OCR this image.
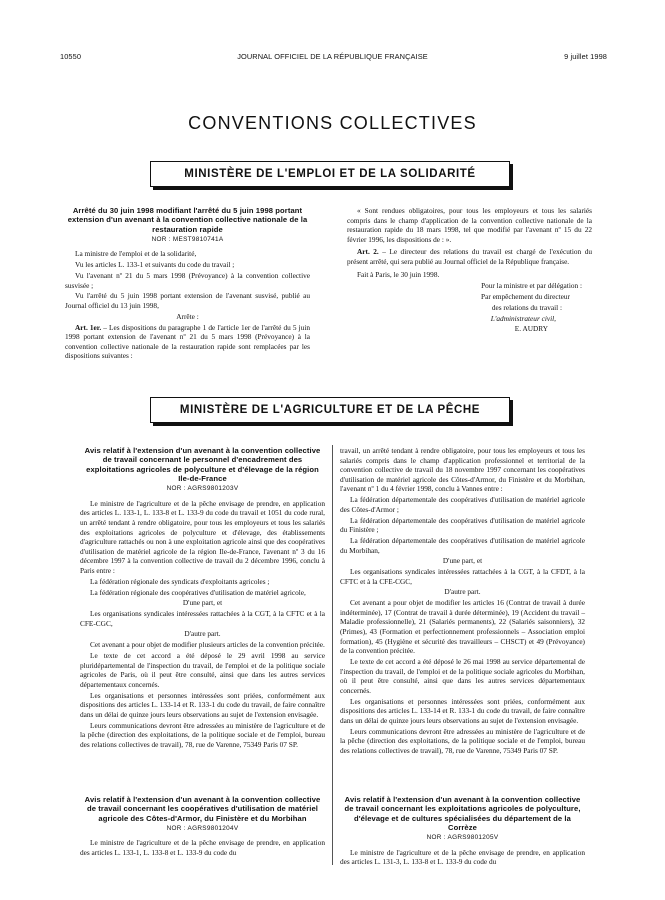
10550	JOURNAL OFFICIEL DE LA RÉPUBLIQUE FRANÇAISE	9 juillet 1998
CONVENTIONS COLLECTIVES
MINISTÈRE DE L'EMPLOI ET DE LA SOLIDARITÉ
Arrêté du 30 juin 1998 modifiant l'arrêté du 5 juin 1998 portant extension d'un avenant à la convention collective nationale de la restauration rapide
NOR : MEST9810741A

La ministre de l'emploi et de la solidarité,

Vu les articles L. 133-1 et suivants du code du travail ;

Vu l'avenant nº 21 du 5 mars 1998 (Prévoyance) à la convention collective susvisée ;

Vu l'arrêté du 5 juin 1998 portant extension de l'avenant susvisé, publié au Journal officiel du 13 juin 1998,

Arrête :

Art. 1er. – Les dispositions du paragraphe 1 de l'article 1er de l'arrêté du 5 juin 1998 portant extension de l'avenant nº 21 du 5 mars 1998 (Prévoyance) à la convention collective nationale de la restauration rapide sont remplacées par les dispositions suivantes :

« Sont rendues obligatoires, pour tous les employeurs et tous les salariés compris dans le champ d'application de la convention collective nationale de la restauration rapide du 18 mars 1998, tel que modifié par l'avenant nº 15 du 22 février 1996, les dispositions de : ».

Art. 2. – Le directeur des relations du travail est chargé de l'exécution du présent arrêté, qui sera publié au Journal officiel de la République française.

Fait à Paris, le 30 juin 1998.

Pour la ministre et par délégation :

Par empêchement du directeur

des relations du travail :

L'administrateur civil,

E. AUDRY

MINISTÈRE DE L'AGRICULTURE ET DE LA PÊCHE
Avis relatif à l'extension d'un avenant à la convention collective de travail concernant le personnel d'encadrement des exploitations agricoles de polyculture et d'élevage de la région Ile-de-France
NOR : AGRS9801203V

Le ministre de l'agriculture et de la pêche envisage de prendre, en application des articles L. 133-1, L. 133-8 et L. 133-9 du code du travail et 1051 du code rural, un arrêté tendant à rendre obligatoire, pour tous les employeurs et tous les salariés des exploitations agricoles de polyculture et d'élevage, des établissements d'agriculture rattachés ou non à une exploitation agricole ainsi que des coopératives d'utilisation de matériel agricole de la région Ile-de-France, l'avenant nº 3 du 16 décembre 1997 à la convention collective de travail du 2 décembre 1996, conclu à Paris entre :

La fédération régionale des syndicats d'exploitants agricoles ;

La fédération régionale des coopératives d'utilisation de matériel agricole,

D'une part, et

Les organisations syndicales intéressées rattachées à la CGT, à la CFTC et à la CFE-CGC,

D'autre part.

Cet avenant a pour objet de modifier plusieurs articles de la convention précitée.

Le texte de cet accord a été déposé le 29 avril 1998 au service pluridépartemental de l'inspection du travail, de l'emploi et de la politique sociale agricoles de Paris, où il peut être consulté, ainsi que dans les autres services départementaux concernés.

Les organisations et personnes intéressées sont priées, conformément aux dispositions des articles L. 133-14 et R. 133-1 du code du travail, de faire connaître dans un délai de quinze jours leurs observations au sujet de l'extension envisagée.

Leurs communications devront être adressées au ministère de l'agriculture et de la pêche (direction des exploitations, de la politique sociale et de l'emploi, bureau des relations collectives de travail), 78, rue de Varenne, 75349 Paris 07 SP.

Avis relatif à l'extension d'un avenant à la convention collective de travail concernant les coopératives d'utilisation de matériel agricole des Côtes-d'Armor, du Finistère et du Morbihan
NOR : AGRS9801204V

Le ministre de l'agriculture et de la pêche envisage de prendre, en application des articles L. 133-1, L. 133-8 et L. 133-9 du code du

travail, un arrêté tendant à rendre obligatoire, pour tous les employeurs et tous les salariés compris dans le champ d'application professionnel et territorial de la convention collective de travail du 18 novembre 1997 concernant les coopératives d'utilisation de matériel agricole des Côtes-d'Armor, du Finistère et du Morbihan, l'avenant nº 1 du 4 février 1998, conclu à Vannes entre :

La fédération départementale des coopératives d'utilisation de matériel agricole des Côtes-d'Armor ;

La fédération départementale des coopératives d'utilisation de matériel agricole du Finistère ;

La fédération départementale des coopératives d'utilisation de matériel agricole du Morbihan,

D'une part, et

Les organisations syndicales intéressées rattachées à la CGT, à la CFDT, à la CFTC et à la CFE-CGC,

D'autre part.

Cet avenant a pour objet de modifier les articles 16 (Contrat de travail à durée indéterminée), 17 (Contrat de travail à durée déterminée), 19 (Accident du travail – Maladie professionnelle), 21 (Salariés permanents), 22 (Salariés saisonniers), 32 (Primes), 43 (Formation et perfectionnement professionnels – Association emploi formation), 45 (Hygiène et sécurité des travailleurs – CHSCT) et 49 (Prévoyance) de la convention précitée.

Le texte de cet accord a été déposé le 26 mai 1998 au service départemental de l'inspection du travail, de l'emploi et de la politique sociale agricoles du Morbihan, où il peut être consulté, ainsi que dans les autres services départementaux concernés.

Les organisations et personnes intéressées sont priées, conformément aux dispositions des articles L. 133-14 et R. 133-1 du code du travail, de faire connaître dans un délai de quinze jours leurs observations au sujet de l'extension envisagée.

Leurs communications devront être adressées au ministère de l'agriculture et de la pêche (direction des exploitations, de la politique sociale et de l'emploi, bureau des relations collectives de travail), 78, rue de Varenne, 75349 Paris 07 SP.

Avis relatif à l'extension d'un avenant à la convention collective de travail concernant les exploitations agricoles de polyculture, d'élevage et de cultures spécialisées du département de la Corrèze
NOR : AGRS9801205V

Le ministre de l'agriculture et de la pêche envisage de prendre, en application des articles L. 131-3, L. 133-8 et L. 133-9 du code du
